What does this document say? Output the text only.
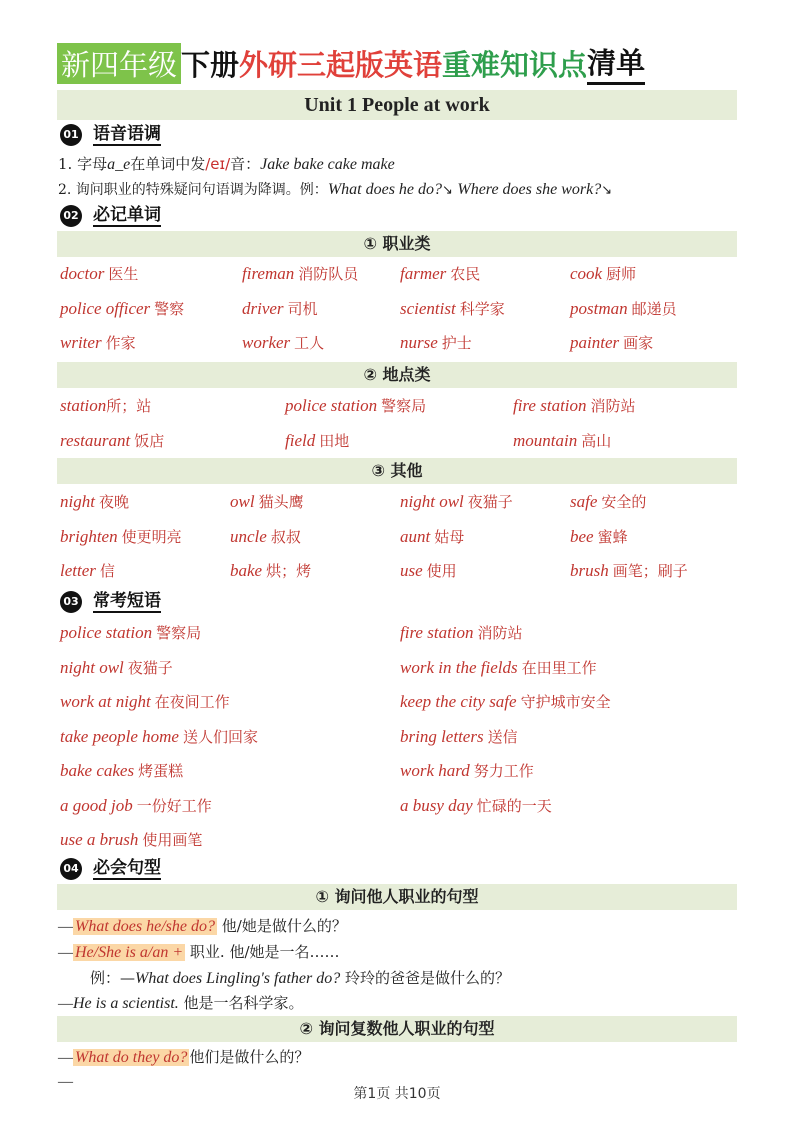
新四年级 下册 外研三起版英语 重难知识点 清单
Unit 1 People at work
01 语音语调
1. 字母a_e在单词中发/eɪ/音：Jake bake cake make
2. 询问职业的特殊疑问句语调为降调。例：What does he do?↘ Where does she work?↘
02 必记单词
① 职业类
doctor 医生	fireman 消防队员 farmer 农民	cook 厨师
police officer 警察	driver 司机	scientist 科学家	postman 邮递员
writer 作家	worker 工人	nurse 护士	painter 画家
② 地点类
station所；站	police station 警察局	fire station 消防站
restaurant 饭店	field 田地	mountain 高山
③ 其他
night 夜晚	owl 猫头鹰	night owl 夜猫子	safe 安全的
brighten 使更明亮	uncle 叔叔	aunt 姑母	bee 蜜蜂
letter 信	bake 烘；烤	use 使用	brush 画笔；刷子
03 常考短语
police station 警察局	fire station 消防站
night owl 夜猫子	work in the fields 在田里工作
work at night 在夜间工作	keep the city safe 守护城市安全
take people home 送人们回家	bring letters 送信
bake cakes 烤蛋糕	work hard 努力工作
a good job 一份好工作	a busy day 忙碌的一天
use a brush 使用画笔
04 必会句型
① 询问他人职业的句型
— What does he/she do? 他/她是做什么的？
— He/She is a/an + 职业. 他/她是一名……
例：—What does Lingling's father do? 玲玲的爸爸是做什么的？
—He is a scientist. 他是一名科学家。
② 询问复数他人职业的句型
— What do they do? 他们是做什么的？
—
第1页 共10页
